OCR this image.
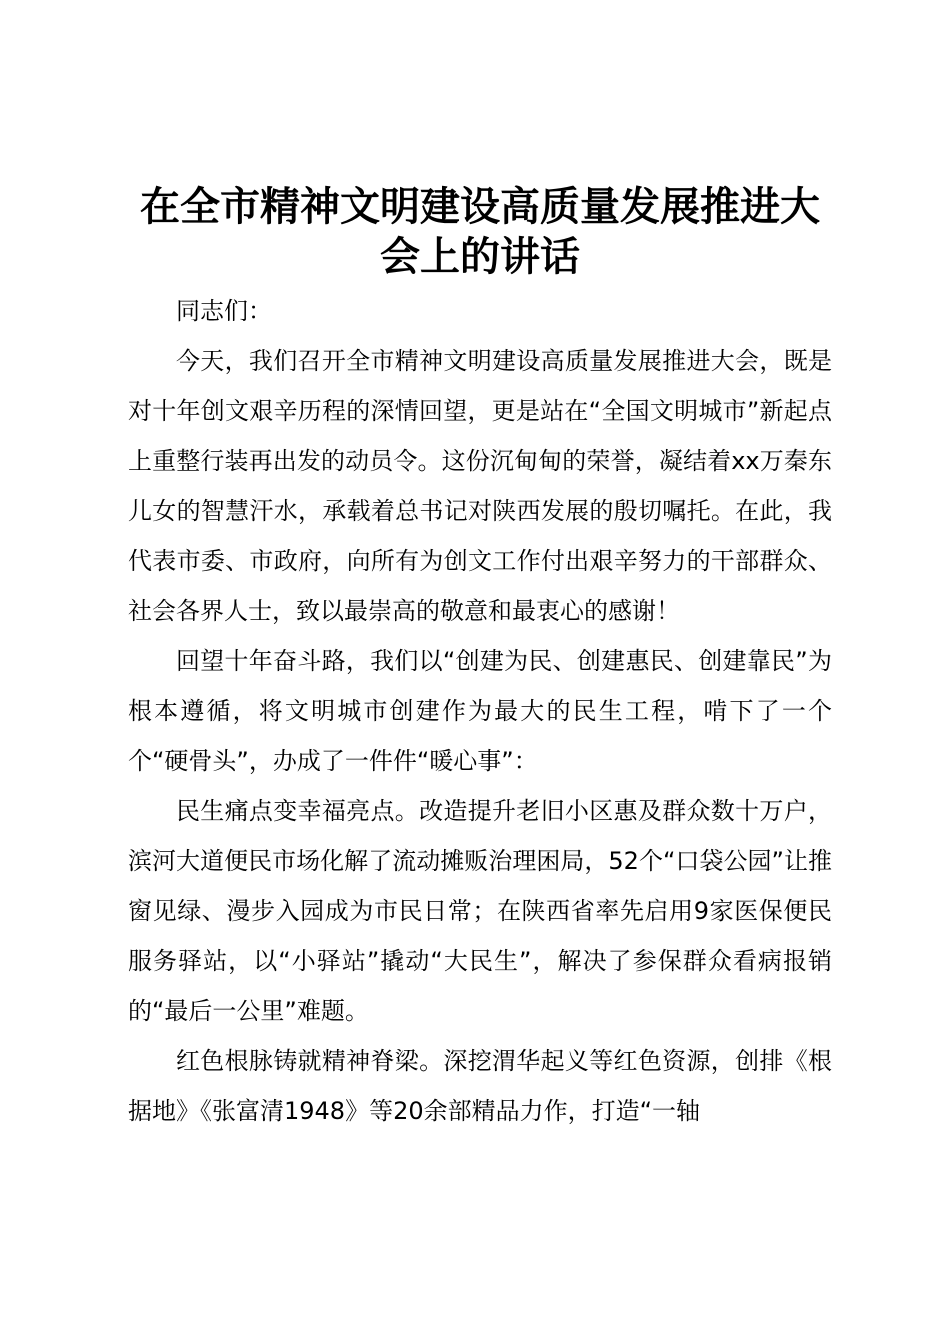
在全市精神文明建设高质量发展推进大会上的讲话

同志们：

今天，我们召开全市精神文明建设高质量发展推进大会，既是对十年创文艰辛历程的深情回望，更是站在“全国文明城市”新起点上重整行装再出发的动员令。这份沉甸甸的荣誉，凝结着xx万秦东儿女的智慧汗水，承载着总书记对陕西发展的殷切嘱托。在此，我代表市委、市政府，向所有为创文工作付出艰辛努力的干部群众、社会各界人士，致以最崇高的敬意和最衷心的感谢！

回望十年奋斗路，我们以“创建为民、创建惠民、创建靠民”为根本遵循，将文明城市创建作为最大的民生工程，啃下了一个个“硬骨头”，办成了一件件“暖心事”：

民生痛点变幸福亮点。改造提升老旧小区惠及群众数十万户，滨河大道便民市场化解了流动摊贩治理困局，52个“口袋公园”让推窗见绿、漫步入园成为市民日常；在陕西省率先启用9家医保便民服务驿站，以“小驿站”撬动“大民生”，解决了参保群众看病报销的“最后一公里”难题。

红色根脉铸就精神脊梁。深挖渭华起义等红色资源，创排《根据地》《张富清1948》等20余部精品力作，打造“一轴
